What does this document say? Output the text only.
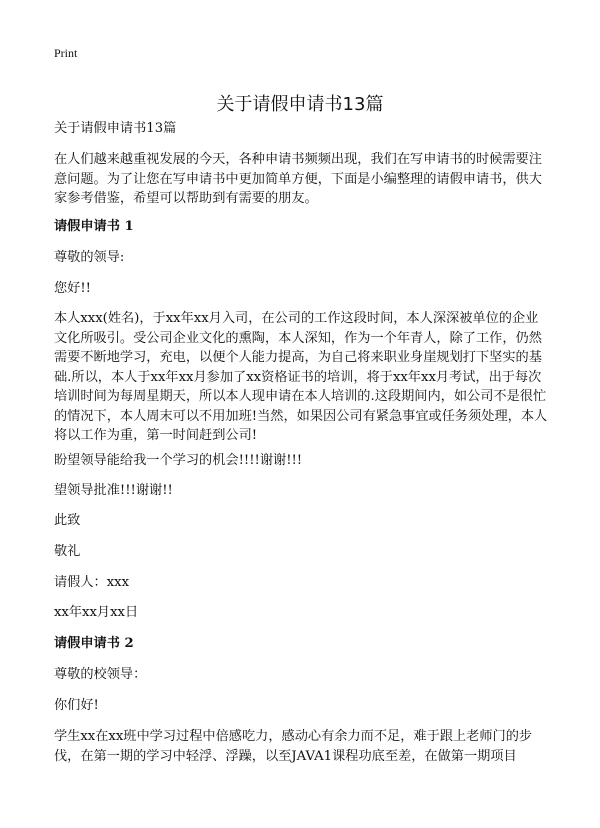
Print
关于请假申请书13篇

关于请假申请书13篇

在人们越来越重视发展的今天，各种申请书频频出现，我们在写申请书的时候需要注意问题。为了让您在写申请书中更加简单方便，下面是小编整理的请假申请书，供大家参考借鉴，希望可以帮助到有需要的朋友。

请假申请书 1

尊敬的领导:

您好!!

本人xxx(姓名)，于xx年xx月入司，在公司的工作这段时间，本人深深被单位的企业文化所吸引。受公司企业文化的熏陶，本人深知，作为一个年青人，除了工作，仍然需要不断地学习，充电，以便个人能力提高，为自己将来职业身崖规划打下坚实的基础.所以，本人于xx年xx月参加了xx资格证书的培训，将于xx年xx月考试，出于每次培训时间为每周星期天，所以本人现申请在本人培训的.这段期间内，如公司不是很忙的情况下，本人周末可以不用加班!当然，如果因公司有紧急事宜或任务须处理，本人将以工作为重，第一时间赶到公司!

盼望领导能给我一个学习的机会!!!!谢谢!!!

望领导批准!!!谢谢!!

此致

敬礼

请假人：xxx

xx年xx月xx日

请假申请书 2

尊敬的校领导：

你们好!

学生xx在xx班中学习过程中倍感吃力，感动心有余力而不足，难于跟上老师门的步伐，在第一期的学习中轻浮、浮躁，以至JAVA1课程功底至差，在做第一期项目
